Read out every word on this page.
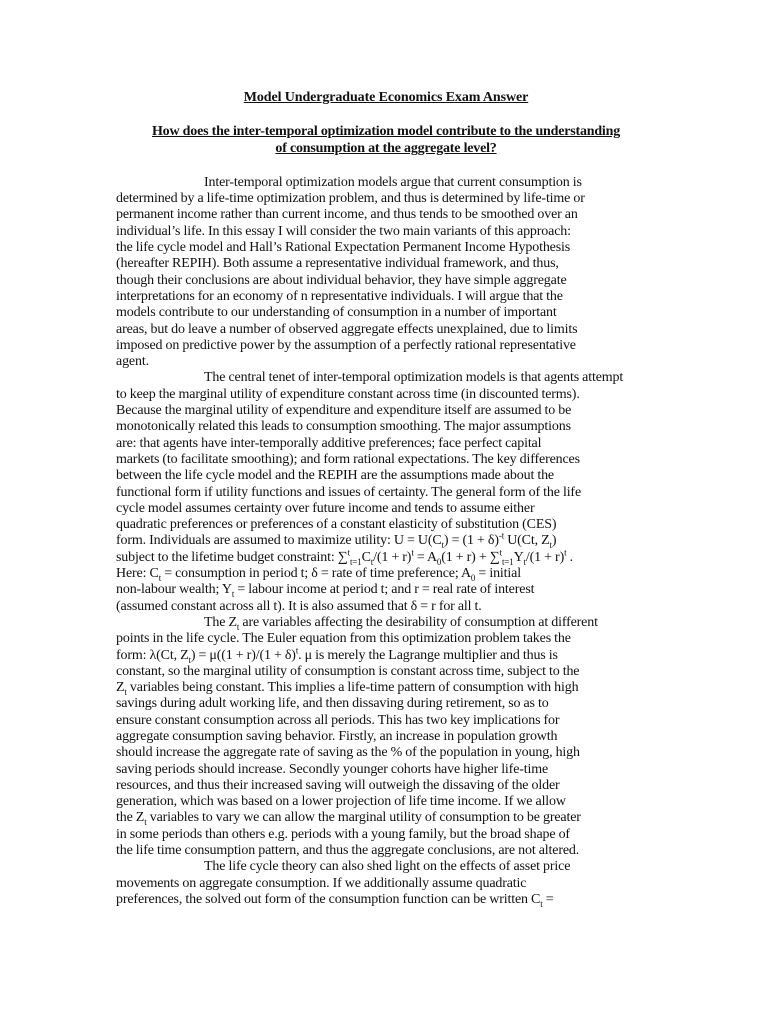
Model Undergraduate Economics Exam Answer
How does the inter-temporal optimization model contribute to the understanding
of consumption at the aggregate level?
Inter-temporal optimization models argue that current consumption is
determined by a life-time optimization problem, and thus is determined by life-time or
permanent income rather than current income, and thus tends to be smoothed over an
individual’s life. In this essay I will consider the two main variants of this approach:
the life cycle model and Hall’s Rational Expectation Permanent Income Hypothesis
(hereafter REPIH). Both assume a representative individual framework, and thus,
though their conclusions are about individual behavior, they have simple aggregate
interpretations for an economy of n representative individuals. I will argue that the
models contribute to our understanding of consumption in a number of important
areas, but do leave a number of observed aggregate effects unexplained, due to limits
imposed on predictive power by the assumption of a perfectly rational representative
agent.
The central tenet of inter-temporal optimization models is that agents attempt
to keep the marginal utility of expenditure constant across time (in discounted terms).
Because the marginal utility of expenditure and expenditure itself are assumed to be
monotonically related this leads to consumption smoothing. The major assumptions
are: that agents have inter-temporally additive preferences; face perfect capital
markets (to facilitate smoothing); and form rational expectations. The key differences
between the life cycle model and the REPIH are the assumptions made about the
functional form if utility functions and issues of certainty. The general form of the life
cycle model assumes certainty over future income and tends to assume either
quadratic preferences or preferences of a constant elasticity of substitution (CES)
form. Individuals are assumed to maximize utility: $U = U(C_t) = (1 + \delta)^{-t}$ U(Ct, $Z_t$)
subject to the lifetime budget constraint: $\sum^t_{t=1}C_t/(1 + r)^t = A_0(1 + r) + \sum^t_{t=1}Y_t/(1 + r)^t$ .
Here: $C_t$ = consumption in period t; δ = rate of time preference; $A_0$ = initial
non-labour wealth; $Y_t$ = labour income at period t; and r = real rate of interest
(assumed constant across all t). It is also assumed that δ = r for all t.
The $Z_t$ are variables affecting the desirability of consumption at different
points in the life cycle. The Euler equation from this optimization problem takes the
form: λ(Ct, $Z_t) = \mu((1 + r)/(1 + \delta)^t$. μ is merely the Lagrange multiplier and thus is
constant, so the marginal utility of consumption is constant across time, subject to the
$Z_t$ variables being constant. This implies a life-time pattern of consumption with high
savings during adult working life, and then dissaving during retirement, so as to
ensure constant consumption across all periods. This has two key implications for
aggregate consumption saving behavior. Firstly, an increase in population growth
should increase the aggregate rate of saving as the % of the population in young, high
saving periods should increase. Secondly younger cohorts have higher life-time
resources, and thus their increased saving will outweigh the dissaving of the older
generation, which was based on a lower projection of life time income. If we allow
the $Z_t$ variables to vary we can allow the marginal utility of consumption to be greater
in some periods than others e.g. periods with a young family, but the broad shape of
the life time consumption pattern, and thus the aggregate conclusions, are not altered.
The life cycle theory can also shed light on the effects of asset price
movements on aggregate consumption. If we additionally assume quadratic
preferences, the solved out form of the consumption function can be written $C_t$ =
